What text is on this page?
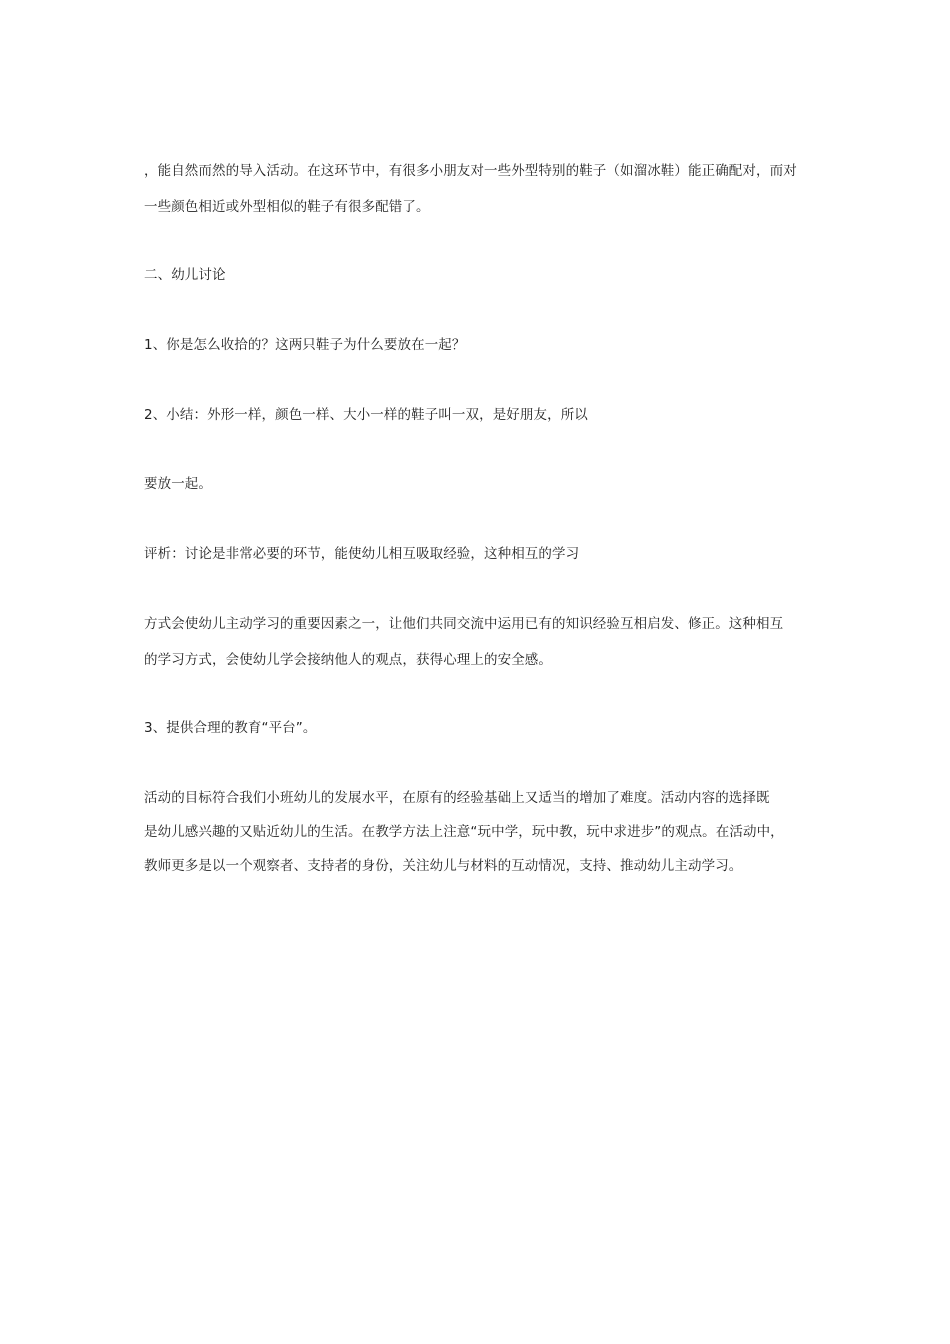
，能自然而然的导入活动。在这环节中，有很多小朋友对一些外型特别的鞋子（如溜冰鞋）能正确配对，而对
一些颜色相近或外型相似的鞋子有很多配错了。
二、幼儿讨论
1、你是怎么收拾的？这两只鞋子为什么要放在一起？
2、小结：外形一样，颜色一样、大小一样的鞋子叫一双，是好朋友，所以
要放一起。
评析：讨论是非常必要的环节，能使幼儿相互吸取经验，这种相互的学习
方式会使幼儿主动学习的重要因素之一，让他们共同交流中运用已有的知识经验互相启发、修正。这种相互
的学习方式，会使幼儿学会接纳他人的观点，获得心理上的安全感。
3、提供合理的教育“平台”。
活动的目标符合我们小班幼儿的发展水平，在原有的经验基础上又适当的增加了难度。活动内容的选择既
是幼儿感兴趣的又贴近幼儿的生活。在教学方法上注意“玩中学，玩中教，玩中求进步”的观点。在活动中，
教师更多是以一个观察者、支持者的身份，关注幼儿与材料的互动情况，支持、推动幼儿主动学习。
